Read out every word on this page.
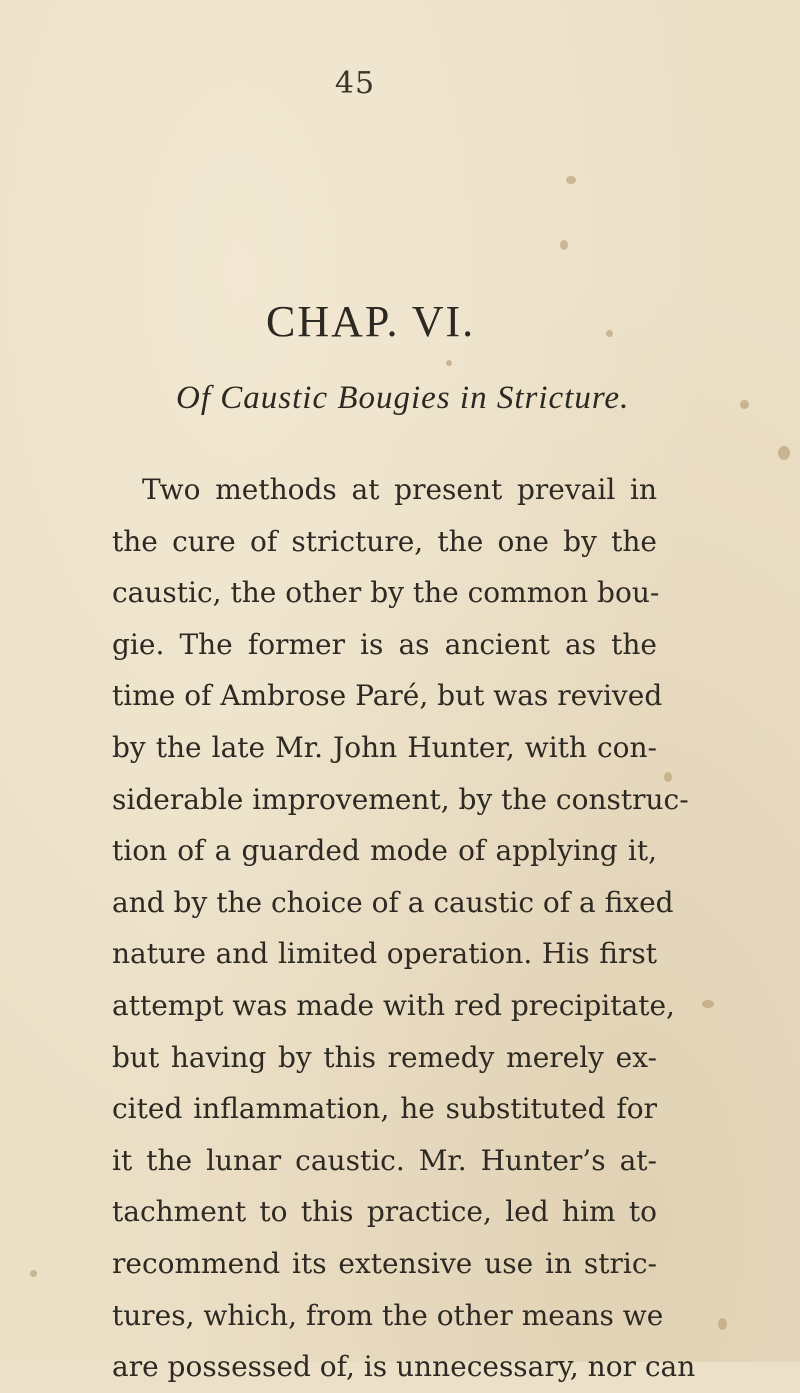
45
CHAP. VI.
Of Caustic Bougies in Stricture.
Two methods at present prevail in
the cure of stricture, the one by the
caustic, the other by the common bou-
gie. The former is as ancient as the
time of Ambrose Paré, but was revived
by the late Mr. John Hunter, with con-
siderable improvement, by the construc-
tion of a guarded mode of applying it,
and by the choice of a caustic of a fixed
nature and limited operation. His first
attempt was made with red precipitate,
but having by this remedy merely ex-
cited inflammation, he substituted for
it the lunar caustic. Mr. Hunter’s at-
tachment to this practice, led him to
recommend its extensive use in stric-
tures, which, from the other means we
are possessed of, is unnecessary, nor can
